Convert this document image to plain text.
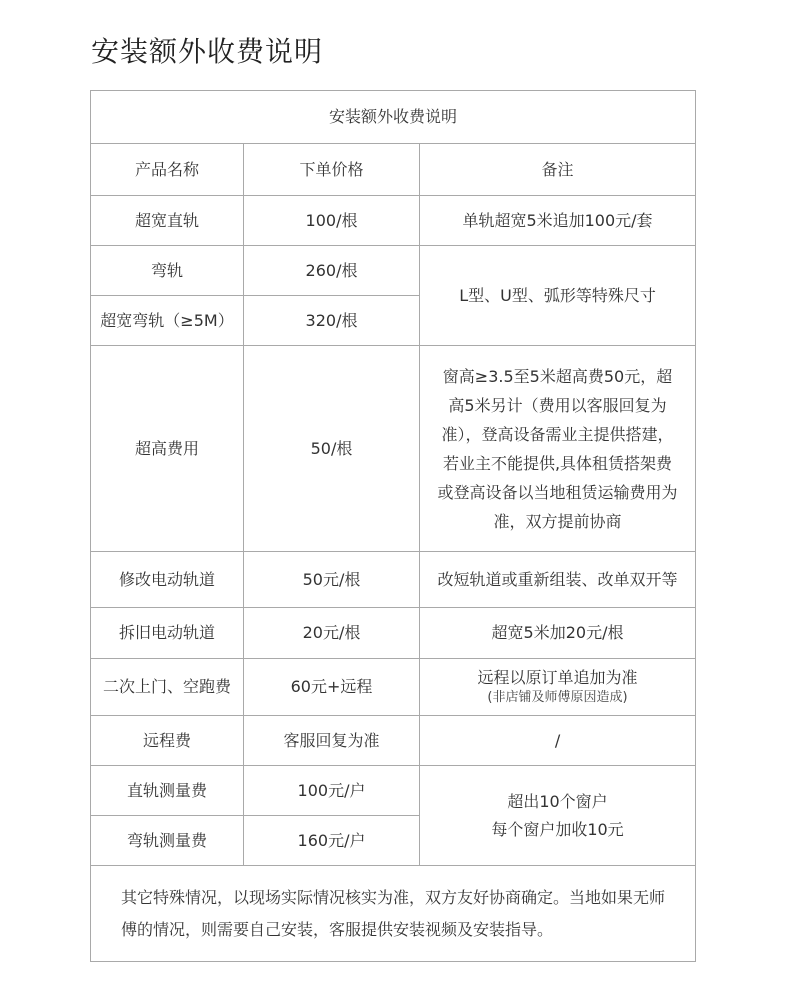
安装额外收费说明
安装额外收费说明		
产品名称	下单价格	备注
超宽直轨	100/根	单轨超宽5米追加100元/套
弯轨	260/根	L型、U型、弧形等特殊尺寸
超宽弯轨（≥5M）	320/根	
超高费用	50/根	窗高≥3.5至5米超高费50元，超高5米另计（费用以客服回复为准），登高设备需业主提供搭建，若业主不能提供,具体租赁搭架费或登高设备以当地租赁运输费用为准，双方提前协商

修改电动轨道	50元/根	改短轨道或重新组装、改单双开等
拆旧电动轨道	20元/根	超宽5米加20元/根
二次上门、空跑费	60元+远程	远程以原订单追加为准
(非店铺及师傅原因造成)

远程费	客服回复为准	/
直轨测量费	100元/户	超出10个窗户
每个窗户加收10元

弯轨测量费	160元/户	
其它特殊情况，以现场实际情况核实为准，双方友好协商确定。当地如果无师傅的情况，则需要自己安装，客服提供安装视频及安装指导。		
